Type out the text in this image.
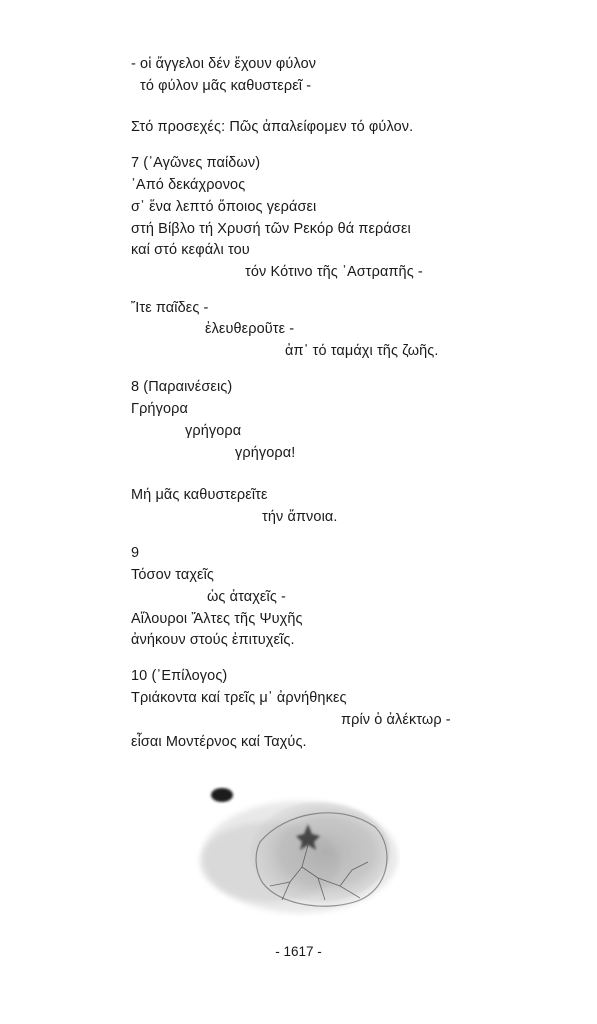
- οἱ ἄγγελοι δέν ἔχουν φύλον
τό φύλον μᾶς καθυστερεῖ -
Στό προσεχές: Πῶς ἀπαλείφομεν τό φύλον.
7 (᾿Αγῶνες παίδων)
᾿Από δεκάχρονος
σ᾿ ἕνα λεπτό ὅποιος γεράσει
στή Βίβλο τή Χρυσή τῶν Ρεκόρ θά περάσει
καί στό κεφάλι του
τόν Κότινο τῆς ᾿Αστραπῆς -
Ἴτε παῖδες -
ἐλευθεροῦτε -
ἀπ᾿ τό ταμάχι τῆς ζωῆς.
8 (Παραινέσεις)
Γρήγορα
γρήγορα
γρήγορα!
Μή μᾶς καθυστερεῖτε
τήν ἄπνοια.
9
Τόσον ταχεῖς
ὡς ἀταχεῖς -
Αἴλουροι Ἄλτες τῆς Ψυχῆς
ἀνήκουν στούς ἐπιτυχεῖς.
10 (᾿Επίλογος)
Τριάκοντα καί τρεῖς μ᾿ ἀρνήθηκες
πρίν ὁ ἀλέκτωρ -
εἶσαι Μοντέρνος καί Ταχύς.
- 1617 -
